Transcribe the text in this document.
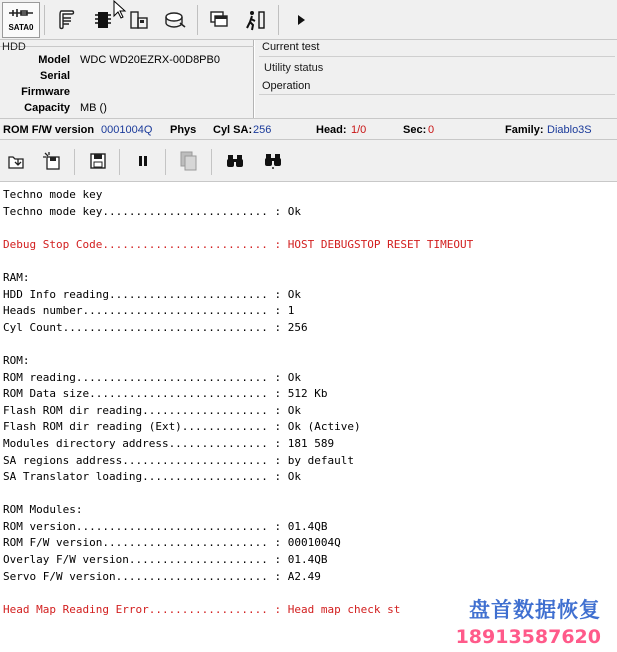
SATA0
HDD
Model WDC WD20EZRX-00D8PB0
Serial
Firmware
Capacity MB ()
Current test
Utility status
Operation
ROM F/W version 0001004Q Phys Cyl SA: 256	Head: 1/0	Sec: 0	Family: Diablo3S
Techno mode key
Techno mode key......................... : Ok
Debug Stop Code......................... : HOST DEBUGSTOP RESET TIMEOUT
RAM:
HDD Info reading........................ : Ok
Heads number............................ : 1
Cyl Count............................... : 256
ROM:
ROM reading............................. : Ok
ROM Data size........................... : 512 Kb
Flash ROM dir reading................... : Ok
Flash ROM dir reading (Ext)............. : Ok (Active)
Modules directory address............... : 181 589
SA regions address...................... : by default
SA Translator loading................... : Ok
ROM Modules:
ROM version............................. : 01.4QB
ROM F/W version......................... : 0001004Q
Overlay F/W version..................... : 01.4QB
Servo F/W version....................... : A2.49
Head Map Reading Error.................. : Head map check st	盘首数据恢复
18913587620
